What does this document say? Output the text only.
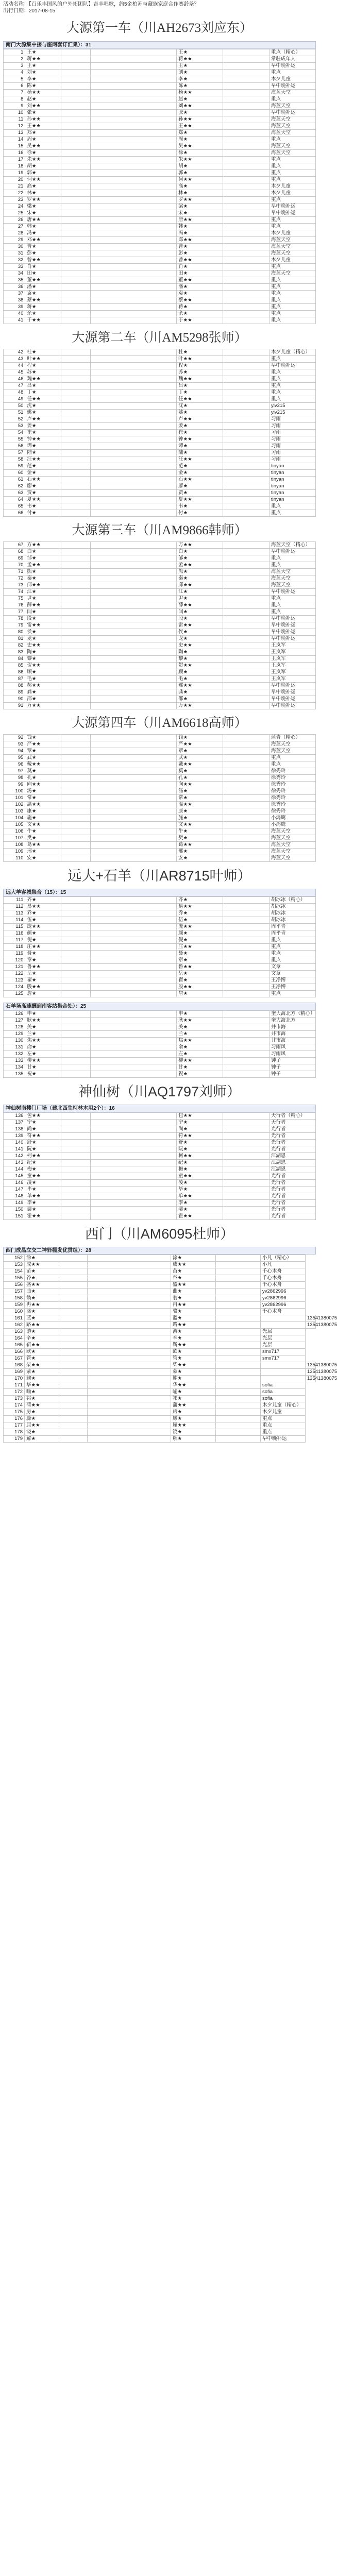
活动名称：【百乐丰国风的户外拓团队】吉丰唱歌，约5金柏苏与藏族家庭合作赛龄条？
出行日期：2017-08-15
大源第一车（川AH2673刘应东）
南门大源集中接与座网套订汇集）：31
1	王★			王★		重点（精心）
2	蒋★★			蒋★★		常驻成年人
3	王★			王★		早中晚补运
4	刘★			刘★		重点
5	李★			李★		木夕儿童
6	陈★			陈★		早中晚补运
7	杨★★			杨★★		海蓝天空
8	赵★			赵★		重点
9	刘★★			刘★★		海蓝天空
10	张★			张★		早中晚补运
11	孙★★			孙★★		海蓝天空
12	王★★			王★★		海蓝天空
13	郑★			郑★		海蓝天空
14	周★			周★		重点
15	吴★★			吴★★		海蓝天空
16	徐★			徐★		海蓝天空
17	朱★★			朱★★		重点
18	胡★			胡★		重点
19	郭★			郭★		重点
20	何★★			何★★		重点
21	高★			高★		木夕儿童
22	林★			林★		木夕儿童
23	罗★★			罗★★		重点
24	梁★			梁★		早中晚补运
25	宋★			宋★		早中晚补运
26	唐★★			唐★★		重点
27	韩★			韩★		重点
28	冯★			冯★		木夕儿童
29	邓★★			邓★★		海蓝天空
30	曹★			曹★		海蓝天空
31	彭★			彭★		海蓝天空
32	曾★★			曾★★		木夕儿童
33	肖★			肖★		重点
34	田★			田★		海蓝天空
35	董★★			董★★		重点
36	潘★			潘★		重点
37	袁★			袁★		重点
38	蔡★★			蔡★★		重点
39	蒋★			蒋★		重点
40	余★			余★		重点
41	于★★			于★★		重点
大源第二车（川AM5298张师）
42	杜★			杜★		木夕儿童（精心）
43	叶★★			叶★★		重点
44	程★			程★		早中晚补运
45	苏★			苏★		重点
46	魏★★			魏★★		重点
47	吕★			吕★		重点
48	丁★			丁★		重点
49	任★★			任★★		重点
50	沈★			沈★		yiv215
51	姚★			姚★		yiv215
52	卢★★			卢★★		习雨
53	姜★			姜★		习雨
54	崔★			崔★		习雨
55	钟★★			钟★★		习雨
56	谭★			谭★		习雨
57	陆★			陆★		习雨
58	汪★★			汪★★		习雨
59	范★			范★		tinyan
60	金★			金★		tinyan
61	石★★			石★★		tinyan
62	廖★			廖★		tinyan
63	贾★			贾★		tinyan
64	夏★★			夏★★		tinyan
65	韦★			韦★		重点
66	付★			付★		重点
大源第三车（川AM9866韩师）
67	方★★			方★★		海蓝天空（精心）
68	白★			白★		早中晚补运
69	邹★			邹★		重点
70	孟★★			孟★★		重点
71	熊★			熊★		海蓝天空
72	秦★			秦★		海蓝天空
73	邱★★			邱★★		海蓝天空
74	江★			江★		早中晚补运
75	尹★			尹★		重点
76	薛★★			薛★★		重点
77	闫★			闫★		重点
78	段★			段★		早中晚补运
79	雷★★			雷★★		早中晚补运
80	侯★			侯★		早中晚补运
81	龙★			龙★		早中晚补运
82	史★★			史★★		王岚军
83	陶★			陶★		王岚军
84	黎★			黎★		王岚军
85	贺★★			贺★★		王岚军
86	顾★			顾★		王岚军
87	毛★			毛★		王岚军
88	郝★★			郝★★		早中晚补运
89	龚★			龚★		早中晚补运
90	邵★			邵★		早中晚补运
91	万★★			万★★		早中晚补运
大源第四车（川AM6618高师）
92	钱★			钱★		蒲青（精心）
93	严★★			严★★		海蓝天空
94	覃★			覃★		海蓝天空
95	武★			武★		重点
96	戴★★			戴★★		重点
97	莫★			莫★		徐秀玲
98	孔★			孔★		徐秀玲
99	向★★			向★★		徐秀玲
100	汤★			汤★		徐秀玲
101	常★			常★		徐秀玲
102	温★★			温★★		徐秀玲
103	康★			康★		徐秀玲
104	施★			施★		小鸿鹰
105	文★★			文★★		小鸿鹰
106	牛★			牛★		海蓝天空
107	樊★			樊★		海蓝天空
108	葛★★			葛★★		海蓝天空
109	邢★			邢★		海蓝天空
110	安★			安★		海蓝天空
远大+石羊（川AR8715叶师）
远大羊客城集合（15）：15
111	齐★			齐★		胡冰冰（精心）
112	易★★			易★★		胡冰冰
113	乔★			乔★		胡冰冰
114	伍★			伍★		胡冰冰
115	庞★★			庞★★		周平青
116	颜★			颜★		周平青
117	倪★			倪★		重点
118	庄★★			庄★★		重点
119	聂★			聂★		重点
120	章★			章★		重点
121	鲁★★			鲁★★		文章
122	岳★			岳★		文章
123	翟★			翟★		王净博
124	殷★★			殷★★		王净博
125	詹★			詹★		重点
石羊场高速酬到南客站集合处）：25
126	申★			申★		奎大海北方（精心）
127	耿★★			耿★★		奎大海北方
128	关★			关★		井市海
129	兰★			兰★		井市海
130	焦★★			焦★★		井市海
131	俞★			俞★		习雨风
132	左★			左★		习雨风
133	柳★★			柳★★		钟子
134	甘★			甘★		钟子
135	祝★			祝★		钟子
神仙树（川AQ1797刘师）
神仙树南楼门厂场（建北西生柯林木用2个）：16
136	包★★			包★★		天行者（精心）
137	宁★			宁★		天行者
138	尚★			尚★		光行者
139	符★★			符★★		光行者
140	舒★			舒★		光行者
141	阮★			阮★		光行者
142	柯★★			柯★★		江湖恩
143	纪★			纪★		江湖恩
144	梅★			梅★		江湖恩
145	童★★			童★★		光行者
146	凌★			凌★		光行者
147	毕★			毕★		光行者
148	单★★			单★★		光行者
149	季★			季★		光行者
150	裴★			裴★		光行者
151	霍★★			霍★★		光行者
西门（川AM6095杜师）
西门成晶立交二神驿棚发优贯组）：28
152	涂★			涂★		小凡（精心）	
153	成★★			成★★		小凡	
154	苗★			苗★		千心木舟	
155	谷★			谷★		千心木舟	
156	盛★★			盛★★		千心木舟	
157	曲★			曲★		yv2862996	
158	翁★			翁★		yv2862996	
159	冉★★			冉★★		yv2862996	
160	骆★			骆★		千心木舟	
161	蓝★			蓝★			13541380075
162	路★★			路★★			13541380075
163	游★			游★		光层	
164	辛★			辛★		光层	
165	靳★★			靳★★		光层	
166	欧★			欧★		smx717	
167	管★			管★		smx717	
168	柴★★			柴★★			13541380075
169	蒙★			蒙★			13541380075
170	鲍★			鲍★			13541380075
171	华★★			华★★		sofia	
172	喻★			喻★		sofia	
173	祁★			祁★		sofia	
174	蒲★★			蒲★★		木夕儿童（精心）	
175	房★			房★		木夕儿童	
176	滕★			滕★		重点	
177	屈★★			屈★★		重点	
178	饶★			饶★		重点	
179	解★			解★		早中晚补运	
